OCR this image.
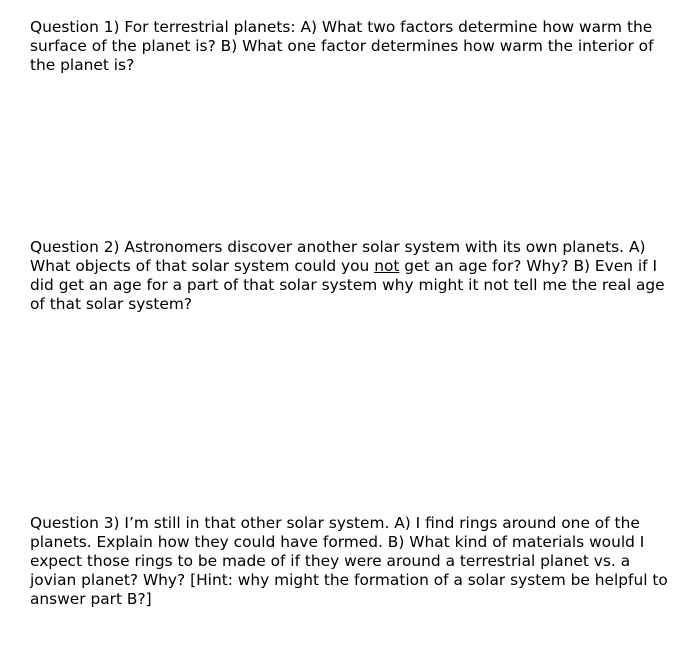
Question 1) For terrestrial planets: A) What two factors determine how warm the surface of the planet is? B) What one factor determines how warm the interior of the planet is?

Question 2) Astronomers discover another solar system with its own planets. A) What objects of that solar system could you not get an age for? Why? B) Even if I did get an age for a part of that solar system why might it not tell me the real age of that solar system?

Question 3) I’m still in that other solar system. A) I find rings around one of the planets. Explain how they could have formed. B) What kind of materials would I expect those rings to be made of if they were around a terrestrial planet vs. a jovian planet? Why? [Hint: why might the formation of a solar system be helpful to answer part B?]
